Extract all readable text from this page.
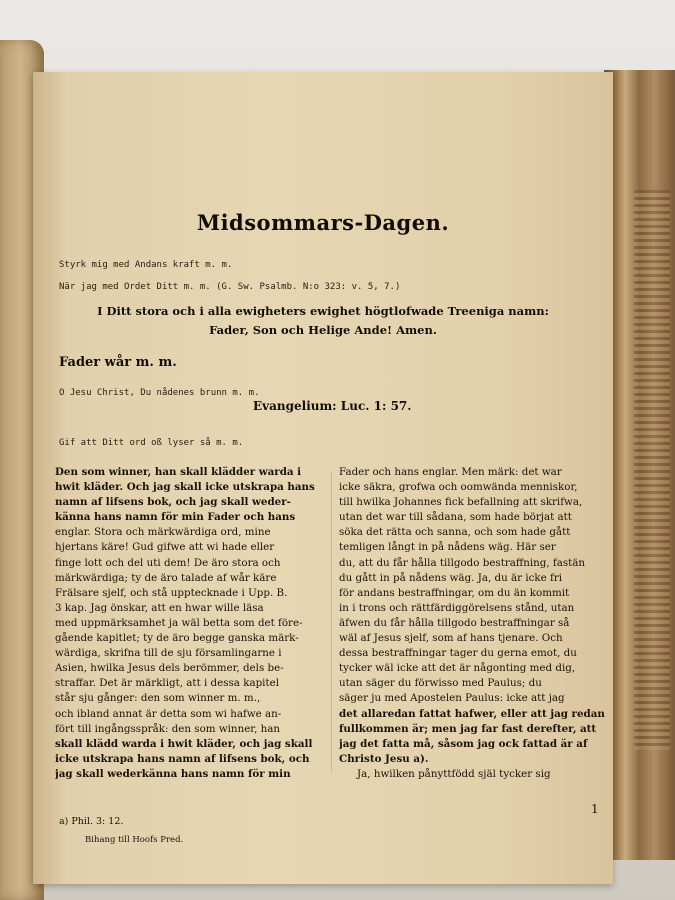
Midsommars-Dagen.
Styrk mig med Andans kraft m. m.
När jag med Ordet Ditt m. m. (G. Sw. Psalmb. N:o 323: v. 5, 7.)
I Ditt stora och i alla ewigheters ewighet högtlofwade Treeniga namn:
Fader, Son och Helige Ande! Amen.
Fader wår m. m.
O Jesu Christ, Du nådenes brunn m. m.
Evangelium: Luc. 1: 57.
Gif att Ditt ord oß lyser så m. m.
Den som winner, han skall klädder warda i
hwit kläder. Och jag skall icke utskrapa hans
namn af lifsens bok, och jag skall weder-
känna hans namn för min Fader och hans
englar. Stora och märkwärdiga ord, mine
hjertans käre! Gud gifwe att wi hade eller
finge lott och del uti dem! De äro stora och
märkwärdiga; ty de äro talade af wår käre
Frälsare sjelf, och stå upptecknade i Upp. B.
3 kap. Jag önskar, att en hwar wille läsa
med uppmärksamhet ja wäl betta som det före-
gående kapitlet; ty de äro begge ganska märk-
wärdiga, skrifna till de sju församlingarne i
Asien, hwilka Jesus dels berömmer, dels be-
straffar. Det är märkligt, att i dessa kapitel
står sju gånger: den som winner m. m.,
och ibland annat är detta som wi hafwe an-
fört till ingångsspråk: den som winner, han
skall klädd warda i hwit kläder, och jag skall
icke utskrapa hans namn af lifsens bok, och
jag skall wederkänna hans namn för min
Fader och hans englar. Men märk: det war
icke säkra, grofwa och oomwända menniskor,
till hwilka Johannes fick befallning att skrifwa,
utan det war till sådana, som hade börjat att
söka det rätta och sanna, och som hade gått
temligen långt in på nådens wäg. Här ser
du, att du får hålla tillgodo bestraffning, fastän
du gått in på nådens wäg. Ja, du är icke fri
för andans bestraffningar, om du än kommit
in i trons och rättfärdiggörelsens stånd, utan
äfwen du får hålla tillgodo bestraffningar så
wäl af Jesus sjelf, som af hans tjenare. Och
dessa bestraffningar tager du gerna emot, du
tycker wäl icke att det är någonting med dig,
utan säger du förwisso med Paulus; du
säger ju med Apostelen Paulus: icke att jag
det allaredan fattat hafwer, eller att jag redan
fullkommen är; men jag far fast derefter, att
jag det fatta må, såsom jag ock fattad är af
Christo Jesu a).
Ja, hwilken pånyttfödd själ tycker sig
1
a) Phil. 3: 12.
Bihang till Hoofs Pred.
